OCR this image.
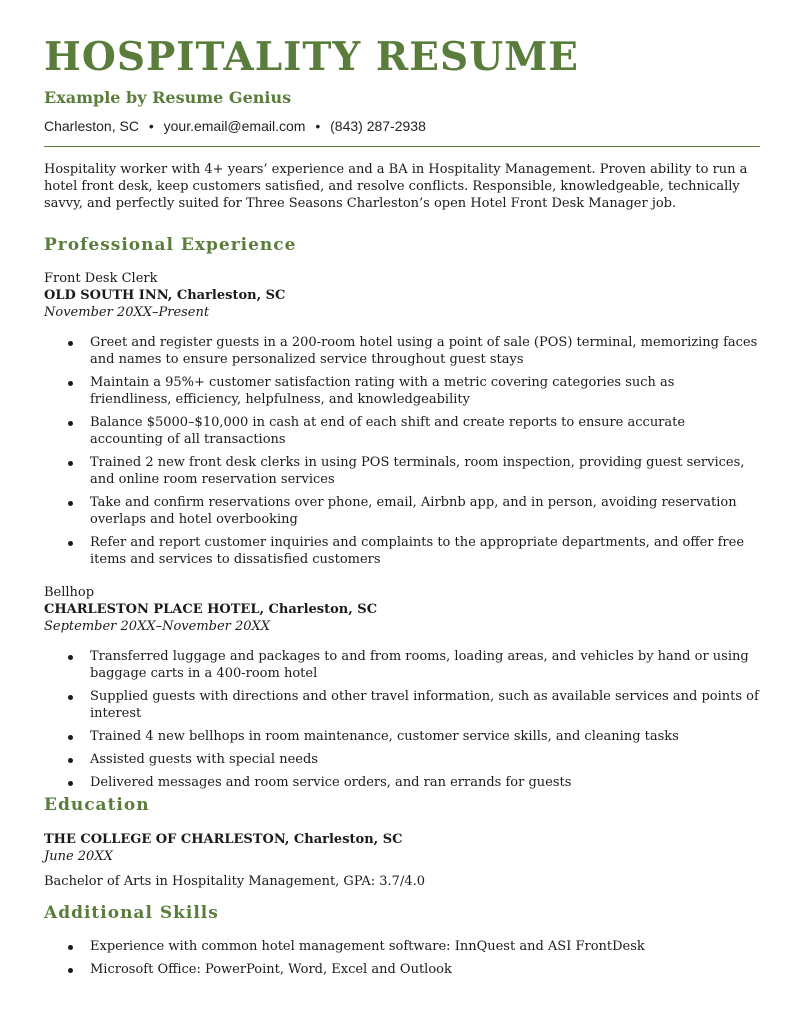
HOSPITALITY RESUME
Example by Resume Genius
Charleston, SC • your.email@email.com • (843) 287-2938

Hospitality worker with 4+ years’ experience and a BA in Hospitality Management. Proven ability to run a hotel front desk, keep customers satisfied, and resolve conflicts. Responsible, knowledgeable, technically savvy, and perfectly suited for Three Seasons Charleston’s open Hotel Front Desk Manager job.

Professional Experience

Front Desk Clerk

OLD SOUTH INN, Charleston, SC

November 20XX–Present

Greet and register guests in a 200-room hotel using a point of sale (POS) terminal, memorizing faces and names to ensure personalized service throughout guest stays
Maintain a 95%+ customer satisfaction rating with a metric covering categories such as friendliness, efficiency, helpfulness, and knowledgeability
Balance $5000–$10,000 in cash at end of each shift and create reports to ensure accurate accounting of all transactions
Trained 2 new front desk clerks in using POS terminals, room inspection, providing guest services, and online room reservation services
Take and confirm reservations over phone, email, Airbnb app, and in person, avoiding reservation overlaps and hotel overbooking
Refer and report customer inquiries and complaints to the appropriate departments, and offer free items and services to dissatisfied customers

Bellhop

CHARLESTON PLACE HOTEL, Charleston, SC

September 20XX–November 20XX

Transferred luggage and packages to and from rooms, loading areas, and vehicles by hand or using baggage carts in a 400-room hotel
Supplied guests with directions and other travel information, such as available services and points of interest
Trained 4 new bellhops in room maintenance, customer service skills, and cleaning tasks
Assisted guests with special needs
Delivered messages and room service orders, and ran errands for guests
Education

THE COLLEGE OF CHARLESTON, Charleston, SC

June 20XX

Bachelor of Arts in Hospitality Management, GPA: 3.7/4.0

Additional Skills
Experience with common hotel management software: InnQuest and ASI FrontDesk
Microsoft Office: PowerPoint, Word, Excel and Outlook
